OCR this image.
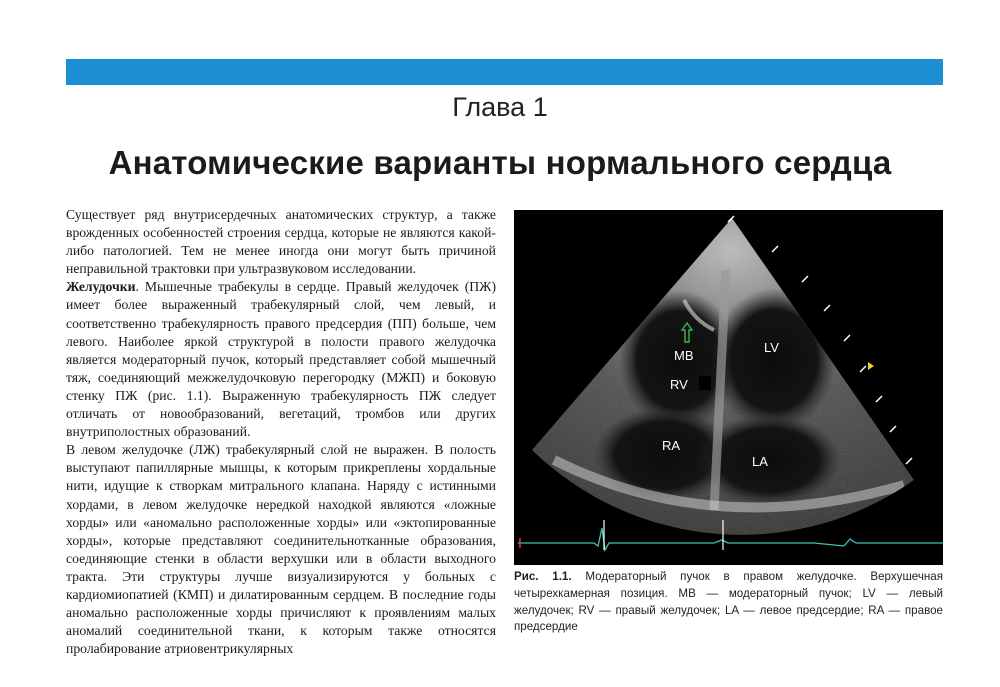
Глава 1
Анатомические варианты нормального сердца

Существует ряд внутрисердечных анатомических структур, а также врожденных особенностей строения сердца, которые не являются какой-либо патологией. Тем не менее иногда они могут быть причиной неправильной трактовки при ультразвуковом исследовании.

Желудочки. Мышечные трабекулы в сердце. Правый желудочек (ПЖ) имеет более выраженный трабекулярный слой, чем левый, и соответственно трабекулярность правого предсердия (ПП) больше, чем левого. Наиболее яркой структурой в полости правого желудочка является модераторный пучок, который представляет собой мышечный тяж, соединяющий межжелудочковую перегородку (МЖП) и боковую стенку ПЖ (рис. 1.1). Выраженную трабекулярность ПЖ следует отличать от новообразований, вегетаций, тромбов или других внутриполостных образований.

В левом желудочке (ЛЖ) трабекулярный слой не выражен. В полость выступают папиллярные мышцы, к которым прикреплены хордальные нити, идущие к створкам митрального клапана. Наряду с истинными хордами, в левом желудочке нередкой находкой являются «ложные хорды» или «аномально расположенные хорды» или «эктопированные хорды», которые представляют соединительнотканные образования, соединяющие стенки в области верхушки или в области выходного тракта. Эти структуры лучше визуализируются у больных с кардиомиопатией (КМП) и дилатированным сердцем. В последние годы аномально расположенные хорды причисляют к проявлениям малых аномалий соединительной ткани, к которым также относятся пролабирование атриовентрикулярных

MB
LV
RV
RA
LA
Рис. 1.1. Модераторный пучок в правом желудочке. Верхушечная четырехкамерная позиция. MB — модераторный пучок; LV — левый желудочек; RV — правый желудочек; LA — левое предсердие; RA — правое предсердие
